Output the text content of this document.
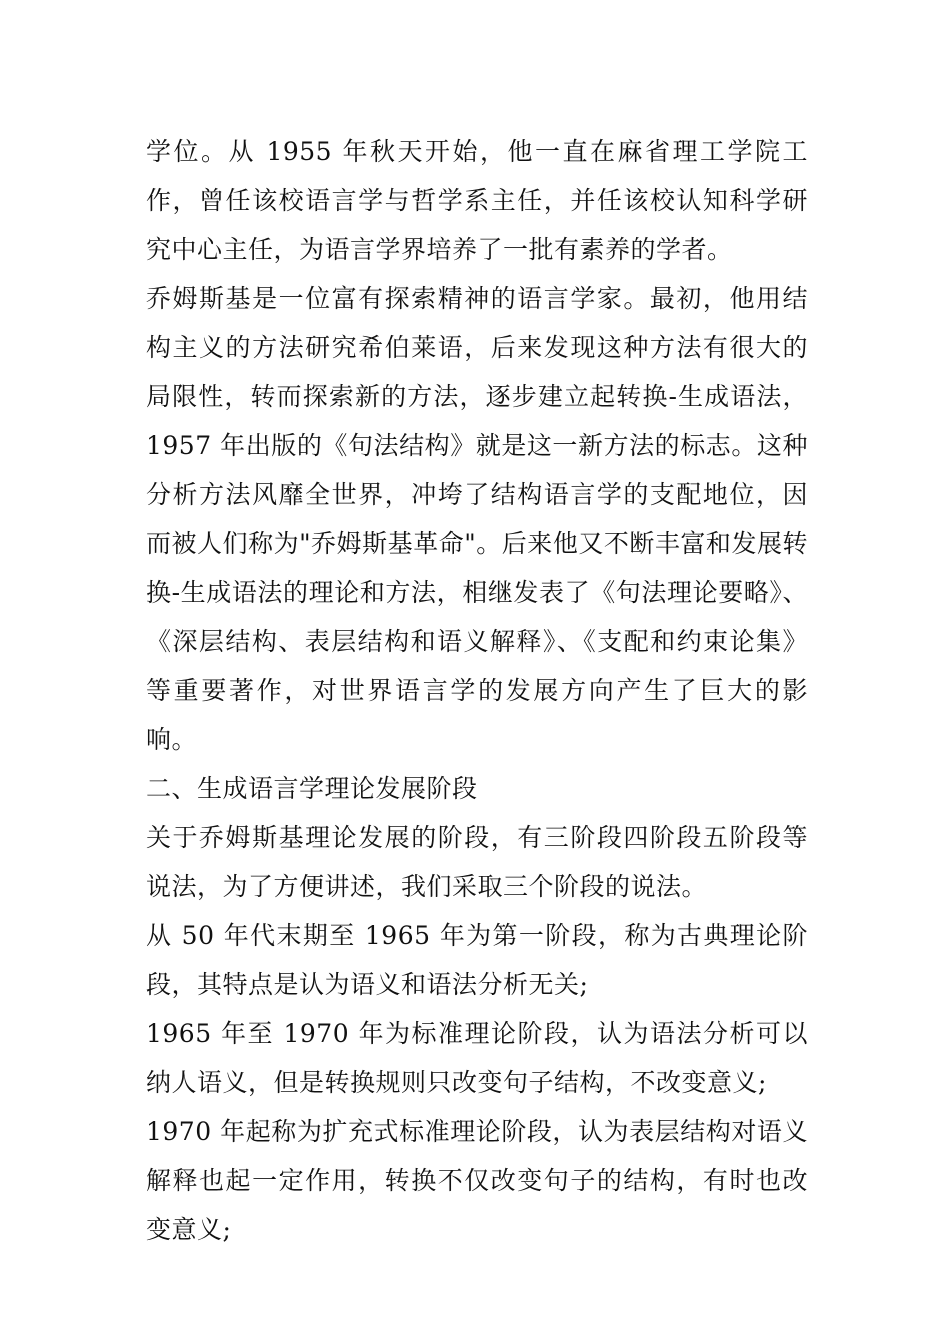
学位。从 1955 年秋天开始，他一直在麻省理工学院工作，曾任该校语言学与哲学系主任，并任该校认知科学研究中心主任，为语言学界培养了一批有素养的学者。

乔姆斯基是一位富有探索精神的语言学家。最初，他用结构主义的方法研究希伯莱语，后来发现这种方法有很大的局限性，转而探索新的方法，逐步建立起转换-生成语法，1957 年出版的《句法结构》就是这一新方法的标志。这种分析方法风靡全世界，冲垮了结构语言学的支配地位，因而被人们称为"乔姆斯基革命"。后来他又不断丰富和发展转换-生成语法的理论和方法，相继发表了《句法理论要略》、《深层结构、表层结构和语义解释》、《支配和约束论集》等重要著作，对世界语言学的发展方向产生了巨大的影响。

二、生成语言学理论发展阶段

关于乔姆斯基理论发展的阶段，有三阶段四阶段五阶段等说法，为了方便讲述，我们采取三个阶段的说法。

从 50 年代末期至 1965 年为第一阶段，称为古典理论阶段，其特点是认为语义和语法分析无关;

1965 年至 1970 年为标准理论阶段，认为语法分析可以纳人语义，但是转换规则只改变句子结构，不改变意义;

1970 年起称为扩充式标准理论阶段，认为表层结构对语义解释也起一定作用，转换不仅改变句子的结构，有时也改变意义;
